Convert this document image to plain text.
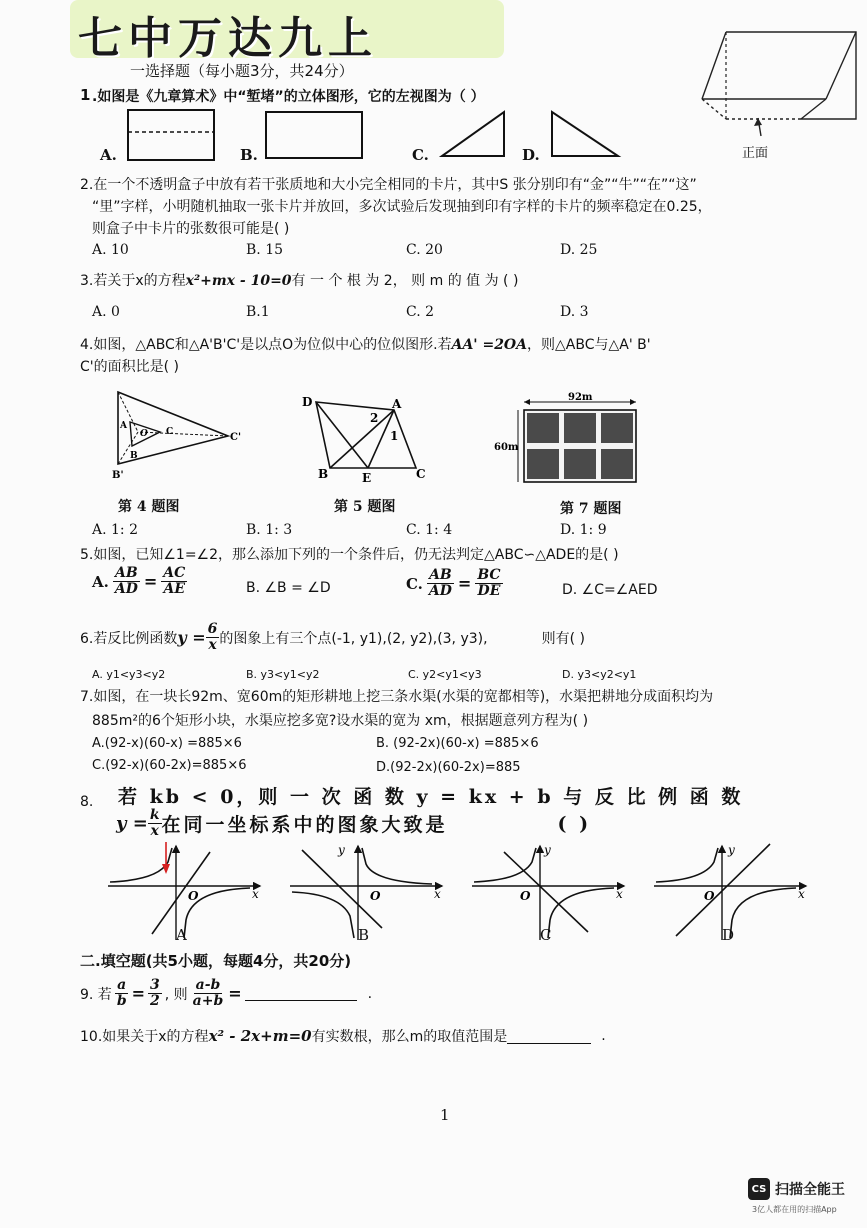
七中万达九上
正面
一选择题（每小题3分，共24分）
1 .如图是《九章算术》中“堑堵”的立体图形，它的左视图为（ ）
A.	B.	C.	D.
2.在一个不透明盒子中放有若干张质地和大小完全相同的卡片，其中S 张分别印有“金”“牛”“在”“这”
“里”字样，小明随机抽取一张卡片并放回，多次试验后发现抽到印有字样的卡片的频率稳定在0.25，
则盒子中卡片的张数很可能是( )
A. 10	B. 15	C. 20	D. 25
3.若关于x的方程x²+mx - 10=0有 一 个 根 为 2， 则 m 的 值 为 ( )
A. 0	B.1	C. 2	D. 3
4.如图，△ABC和△A'B'C'是以点O为位似中心的位似图形.若AA' =2OA，则△ABC与△A' B'
C'的面积比是( )
A
O C
B
B'
C'
第 4 题图
D	A
2
1
B	E	C
第 5 题图
92m
60m
第 7 题图
A. 1: 2	B. 1: 3	C. 1: 4	D. 1: 9
5.如图，已知∠1=∠2，那么添加下列的一个条件后，仍无法判定△ABC∽△ADE的是( )
A. $\frac{AB}{AD} = \frac{AC}{AE}$	B. ∠B = ∠D	C. $\frac{AB}{AD} = \frac{BC}{DE}$	D. ∠C=∠AED
6.若反比例函数 $y = \frac{6}{x}$ 的图象上有三个点(-1, y1),(2, y2),(3, y3),	则有( )
A. y1<y3<y2	B. y3<y1<y2	C. y2<y1<y3	D. y3<y2<y1
7.如图，在一块长92m、宽60m的矩形耕地上挖三条水渠(水渠的宽都相等)，水渠把耕地分成面积均为
885m²的6个矩形小块，水渠应挖多宽?设水渠的宽为 xm，根据题意列方程为( )
A.(92-x)(60-x) =885×6	B. (92-2x)(60-x) =885×6
C.(92-x)(60-2x)=885×6	D.(92-2x)(60-2x)=885
8. 若 kb < 0，则 一 次 函 数 y = kx + b 与 反 比 例 函 数
$y = \frac{k}{x}$ 在同一坐标系中的图象大致是	( )
O	x
y
O	x
y
O	x
y
O	x
A	B	C	D
二.填空题(共5小题，每题4分，共20分)
9. 若 $\frac{a}{b} = \frac{3}{2}$ , 则 $\frac{a-b}{a+b}$ =	.
10.如果关于x的方程 x² - 2x+m=0 有实数根，那么m的取值范围是	.
1
CS 扫描全能王
3亿人都在用的扫描App
